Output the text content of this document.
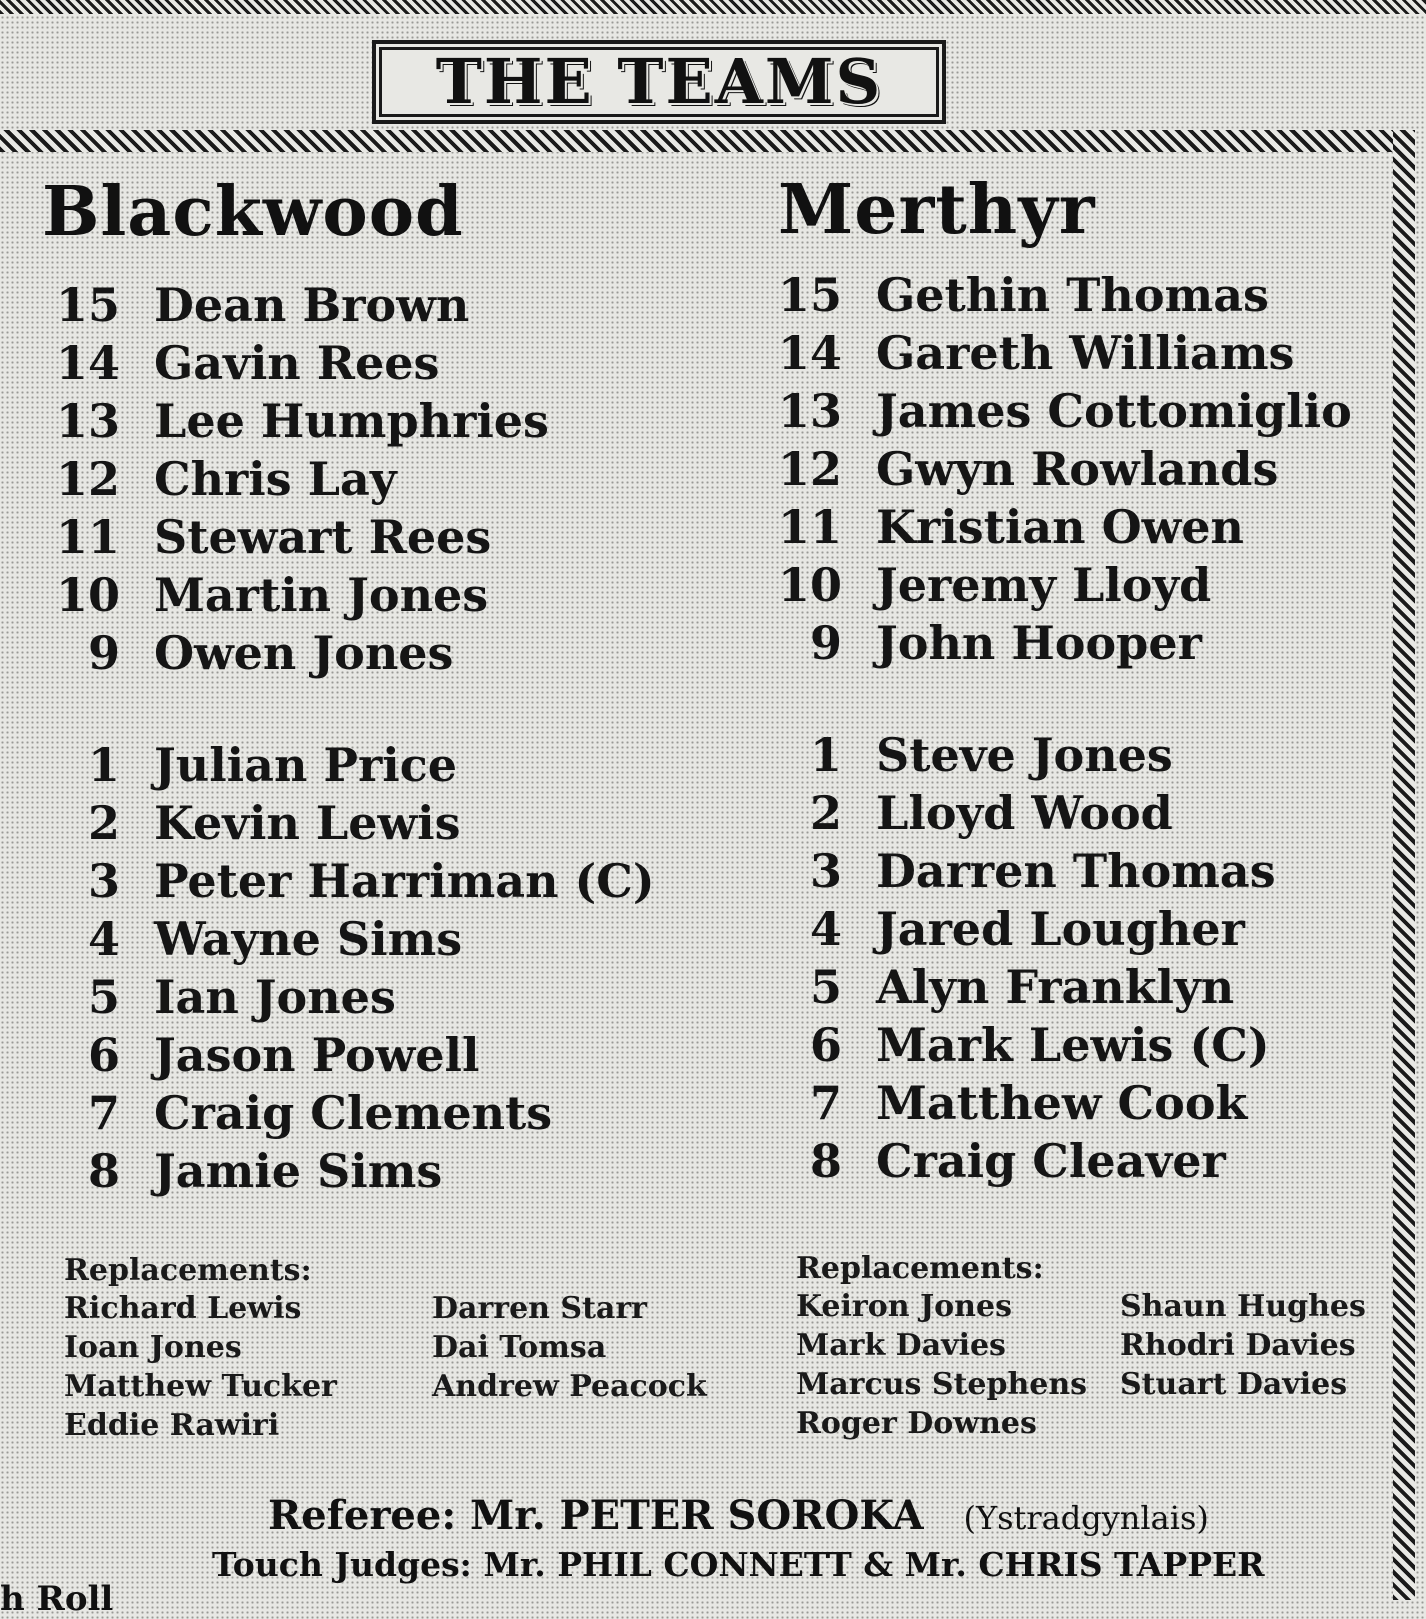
THE TEAMS
Blackwood	Merthyr
15 Dean Brown
14 Gavin Rees
13 Lee Humphries
12 Chris Lay
11 Stewart Rees
10 Martin Jones
9 Owen Jones
1 Julian Price
2 Kevin Lewis
3 Peter Harriman (C)
4 Wayne Sims
5 Ian Jones
6 Jason Powell
7 Craig Clements
8 Jamie Sims
15 Gethin Thomas
14 Gareth Williams
13 James Cottomiglio
12 Gwyn Rowlands
11 Kristian Owen
10 Jeremy Lloyd
9 John Hooper
1 Steve Jones
2 Lloyd Wood
3 Darren Thomas
4 Jared Lougher
5 Alyn Franklyn
6 Mark Lewis (C)
7 Matthew Cook
8 Craig Cleaver
Replacements:	Replacements:
Richard Lewis
Ioan Jones
Matthew Tucker
Eddie Rawiri
Darren Starr
Dai Tomsa
Andrew Peacock
Keiron Jones
Mark Davies
Marcus Stephens
Roger Downes
Shaun Hughes
Rhodri Davies
Stuart Davies
Referee: Mr. PETER SOROKA (Ystradgynlais)
Touch Judges: Mr. PHIL CONNETT & Mr. CHRIS TAPPER
h Roll
